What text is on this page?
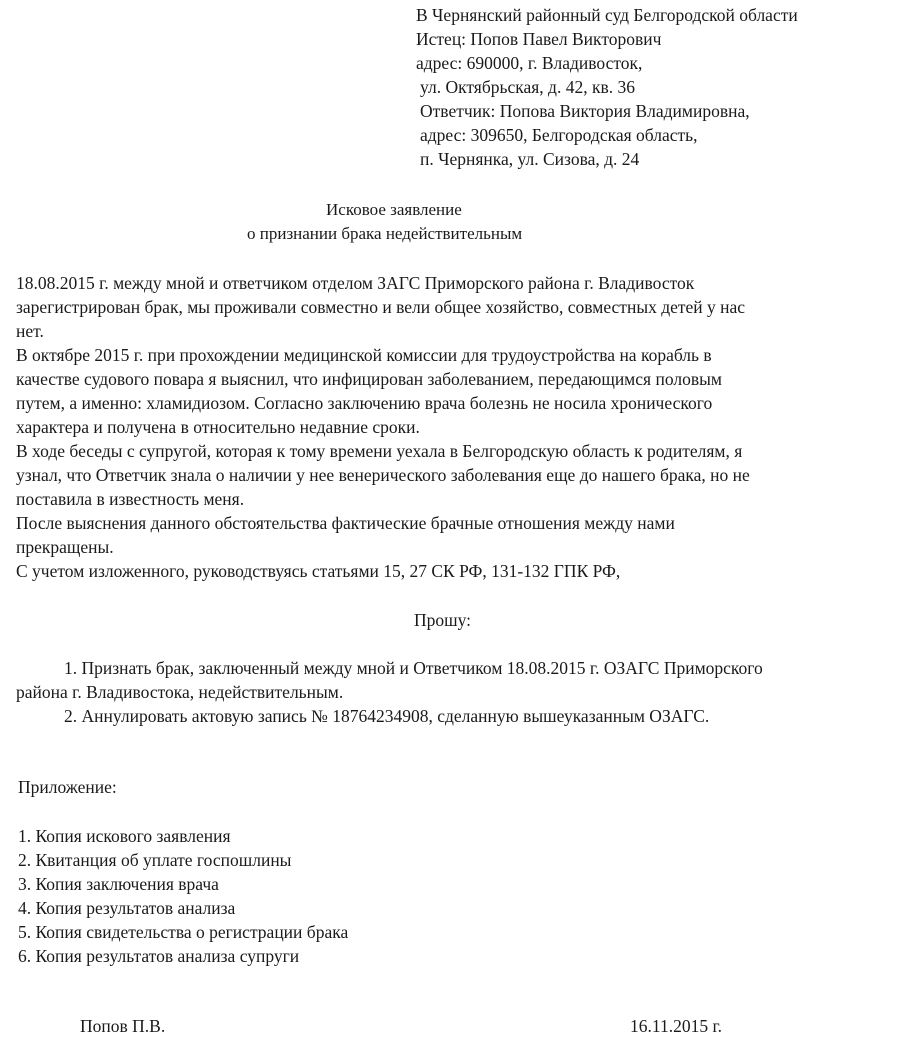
В Чернянский районный суд Белгородской области
Истец: Попов Павел Викторович
адрес: 690000, г. Владивосток,
ул. Октябрьская, д. 42, кв. 36
Ответчик: Попова Виктория Владимировна,
адрес: 309650, Белгородская область,
п. Чернянка, ул. Сизова, д. 24
Исковое заявление
о признании брака недействительным
18.08.2015 г. между мной и ответчиком отделом ЗАГС Приморского района г. Владивосток
зарегистрирован брак, мы проживали совместно и вели общее хозяйство, совместных детей у нас
нет.
В октябре 2015 г. при прохождении медицинской комиссии для трудоустройства на корабль в
качестве судового повара я выяснил, что инфицирован заболеванием, передающимся половым
путем, а именно: хламидиозом. Согласно заключению врача болезнь не носила хронического
характера и получена в относительно недавние сроки.
В ходе беседы с супругой, которая к тому времени уехала в Белгородскую область к родителям, я
узнал, что Ответчик знала о наличии у нее венерического заболевания еще до нашего брака, но не
поставила в известность меня.
После выяснения данного обстоятельства фактические брачные отношения между нами
прекращены.
С учетом изложенного, руководствуясь статьями 15, 27 СК РФ, 131-132 ГПК РФ,
Прошу:
1. Признать брак, заключенный между мной и Ответчиком 18.08.2015 г. ОЗАГС Приморского
района г. Владивостока, недействительным.
2. Аннулировать актовую запись № 18764234908, сделанную вышеуказанным ОЗАГС.
Приложение:
1. Копия искового заявления
2. Квитанция об уплате госпошлины
3. Копия заключения врача
4. Копия результатов анализа
5. Копия свидетельства о регистрации брака
6. Копия результатов анализа супруги
Попов П.В.	16.11.2015 г.
